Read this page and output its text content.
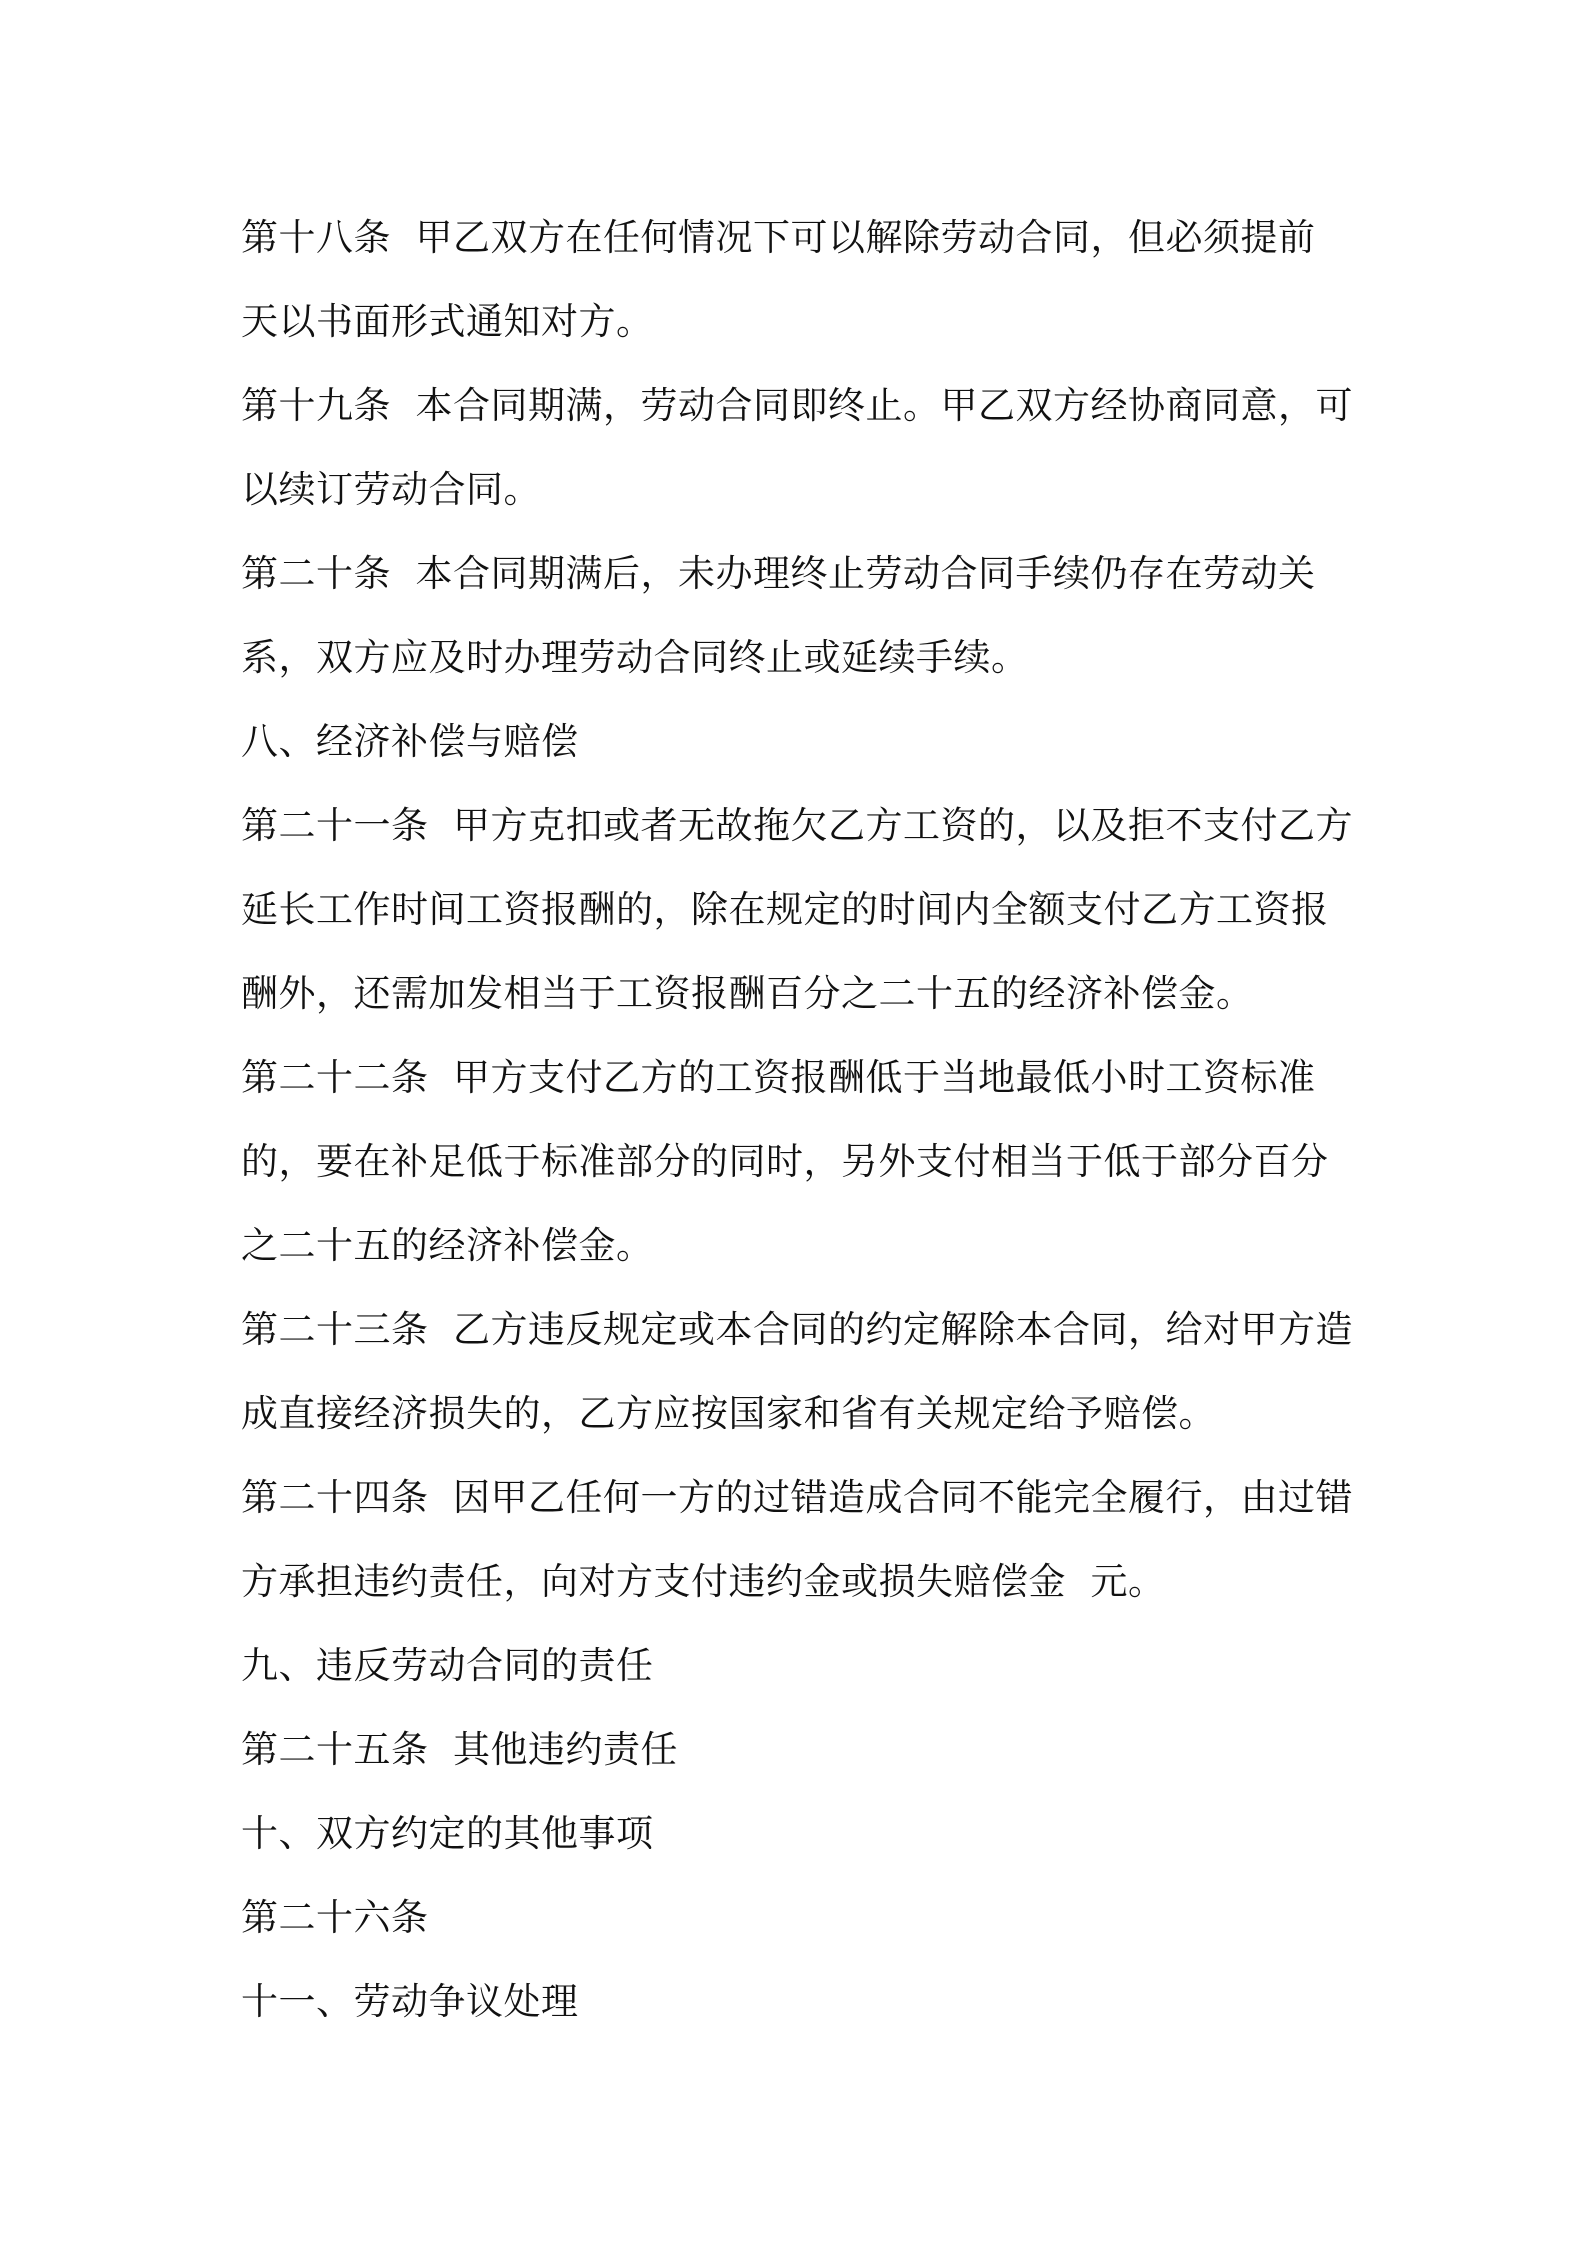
第十八条  甲乙双方在任何情况下可以解除劳动合同，但必须提前  天以书面形式通知对方。

第十九条  本合同期满，劳动合同即终止。甲乙双方经协商同意，可以续订劳动合同。

第二十条  本合同期满后，未办理终止劳动合同手续仍存在劳动关系，双方应及时办理劳动合同终止或延续手续。

八、经济补偿与赔偿

第二十一条  甲方克扣或者无故拖欠乙方工资的，以及拒不支付乙方延长工作时间工资报酬的，除在规定的时间内全额支付乙方工资报酬外，还需加发相当于工资报酬百分之二十五的经济补偿金。

第二十二条  甲方支付乙方的工资报酬低于当地最低小时工资标准的，要在补足低于标准部分的同时，另外支付相当于低于部分百分之二十五的经济补偿金。

第二十三条  乙方违反规定或本合同的约定解除本合同，给对甲方造成直接经济损失的，乙方应按国家和省有关规定给予赔偿。

第二十四条  因甲乙任何一方的过错造成合同不能完全履行，由过错方承担违约责任，向对方支付违约金或损失赔偿金  元。

九、违反劳动合同的责任

第二十五条  其他违约责任

十、双方约定的其他事项

第二十六条

十一、劳动争议处理
